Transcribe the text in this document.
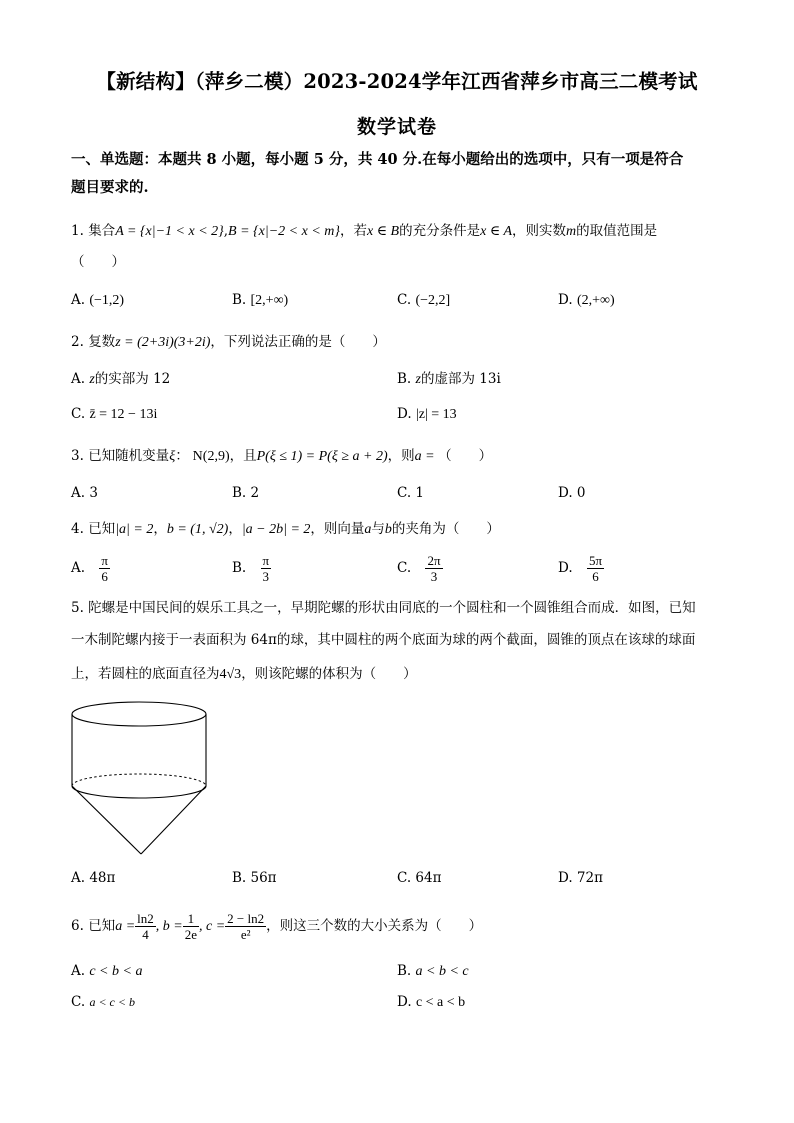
【新结构】（萍乡二模）2023-2024学年江西省萍乡市高三二模考试
数学试卷
一、单选题：本题共 8 小题，每小题 5 分，共 40 分.在每小题给出的选项中，只有一项是符合
题目要求的.
1. 集合A = {x|−1 < x < 2},B = {x|−2 < x < m}，若x ∈ B的充分条件是x ∈ A，则实数m的取值范围是
（　　）
A. (−1,2)	B. [2,+∞)	C. (−2,2]	D. (2,+∞)
2. 复数z = (2+3i)(3+2i)，下列说法正确的是（　　）
A. z的实部为 12	B. z的虚部为 13i
C. z̄ = 12 − 13i	D. |z| = 13
3. 已知随机变量ξ： N(2,9)，且P(ξ ≤ 1) = P(ξ ≥ a + 2)，则a = （　　）
A. 3	B. 2	C. 1	D. 0
4. 已知|a| = 2，b = (1, √2)，|a − 2b| = 2，则向量a与b的夹角为（　　）
A. $\frac{\pi}{6}$	B. $\frac{\pi}{3}$	C. $\frac{2\pi}{3}$	D. $\frac{5\pi}{6}$
5. 陀螺是中国民间的娱乐工具之一，早期陀螺的形状由同底的一个圆柱和一个圆锥组合而成．如图，已知
一木制陀螺内接于一表面积为 64π的球，其中圆柱的两个底面为球的两个截面，圆锥的顶点在该球的球面
上，若圆柱的底面直径为4√3，则该陀螺的体积为（　　）
A. 48π	B. 56π	C. 64π	D. 72π
6. 已知$a = \frac{\ln 2}{4}$ , $b = \frac{1}{2e}$ , $c = \frac{2 - \ln 2}{\text{e²}}$ ，则这三个数的大小关系为（　　）
A. c < b < a	B. a < b < c
C. a < c < b	D. c < a < b
